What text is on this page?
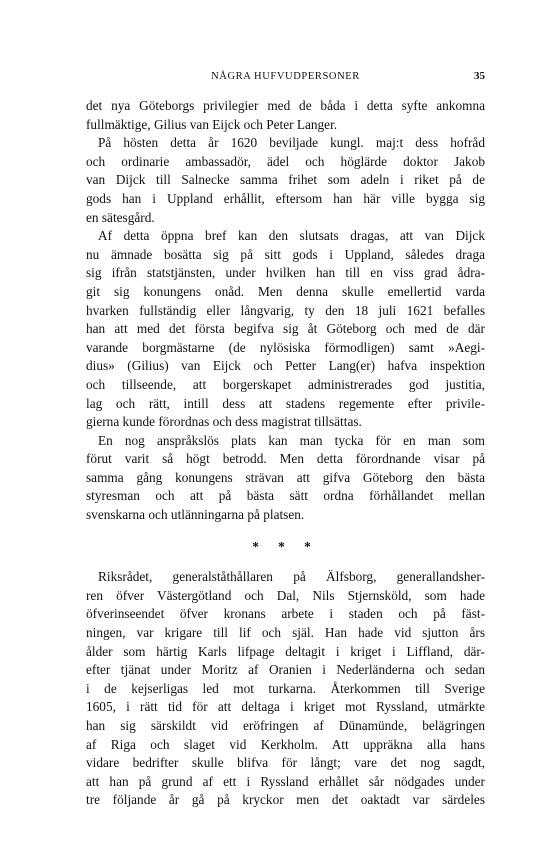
NÅGRA HUFVUDPERSONER	35
det nya Göteborgs privilegier med de båda i detta syfte ankomna
fullmäktige, Gilius van Eijck och Peter Langer.
På hösten detta år 1620 beviljade kungl. maj:t dess hofråd
och ordinarie ambassadör, ädel och höglärde doktor Jakob
van Dijck till Salnecke samma frihet som adeln i riket på de
gods han i Uppland erhållit, eftersom han här ville bygga sig
en sätesgård.
Af detta öppna bref kan den slutsats dragas, att van Dijck
nu ämnade bosätta sig på sitt gods i Uppland, således draga
sig ifrån statstjänsten, under hvilken han till en viss grad ådra-
git sig konungens onåd. Men denna skulle emellertid varda
hvarken fullständig eller långvarig, ty den 18 juli 1621 befalles
han att med det första begifva sig åt Göteborg och med de där
varande borgmästarne (de nylösiska förmodligen) samt »Aegi-
dius» (Gilius) van Eijck och Petter Lang(er) hafva inspektion
och tillseende, att borgerskapet administrerades god justitia,
lag och rätt, intill dess att stadens regemente efter privile-
gierna kunde förordnas och dess magistrat tillsättas.
En nog anspråkslös plats kan man tycka för en man som
förut varit så högt betrodd. Men detta förordnande visar på
samma gång konungens strävan att gifva Göteborg den bästa
styresman och att på bästa sätt ordna förhållandet mellan
svenskarna och utlänningarna på platsen.
* * *
Riksrådet, generalståthållaren på Älfsborg, generallandsher-
ren öfver Västergötland och Dal, Nils Stjernsköld, som hade
öfverinseendet öfver kronans arbete i staden och på fäst-
ningen, var krigare till lif och själ. Han hade vid sjutton års
ålder som härtig Karls lifpage deltagit i kriget i Liffland, där-
efter tjänat under Moritz af Oranien i Nederländerna och sedan
i de kejserligas led mot turkarna. Återkommen till Sverige
1605, i rätt tid för att deltaga i kriget mot Ryssland, utmärkte
han sig särskildt vid eröfringen af Dünamünde, belägringen
af Riga och slaget vid Kerkholm. Att uppräkna alla hans
vidare bedrifter skulle blifva för långt; vare det nog sagdt,
att han på grund af ett i Ryssland erhållet sår nödgades under
tre följande år gå på kryckor men det oaktadt var särdeles
